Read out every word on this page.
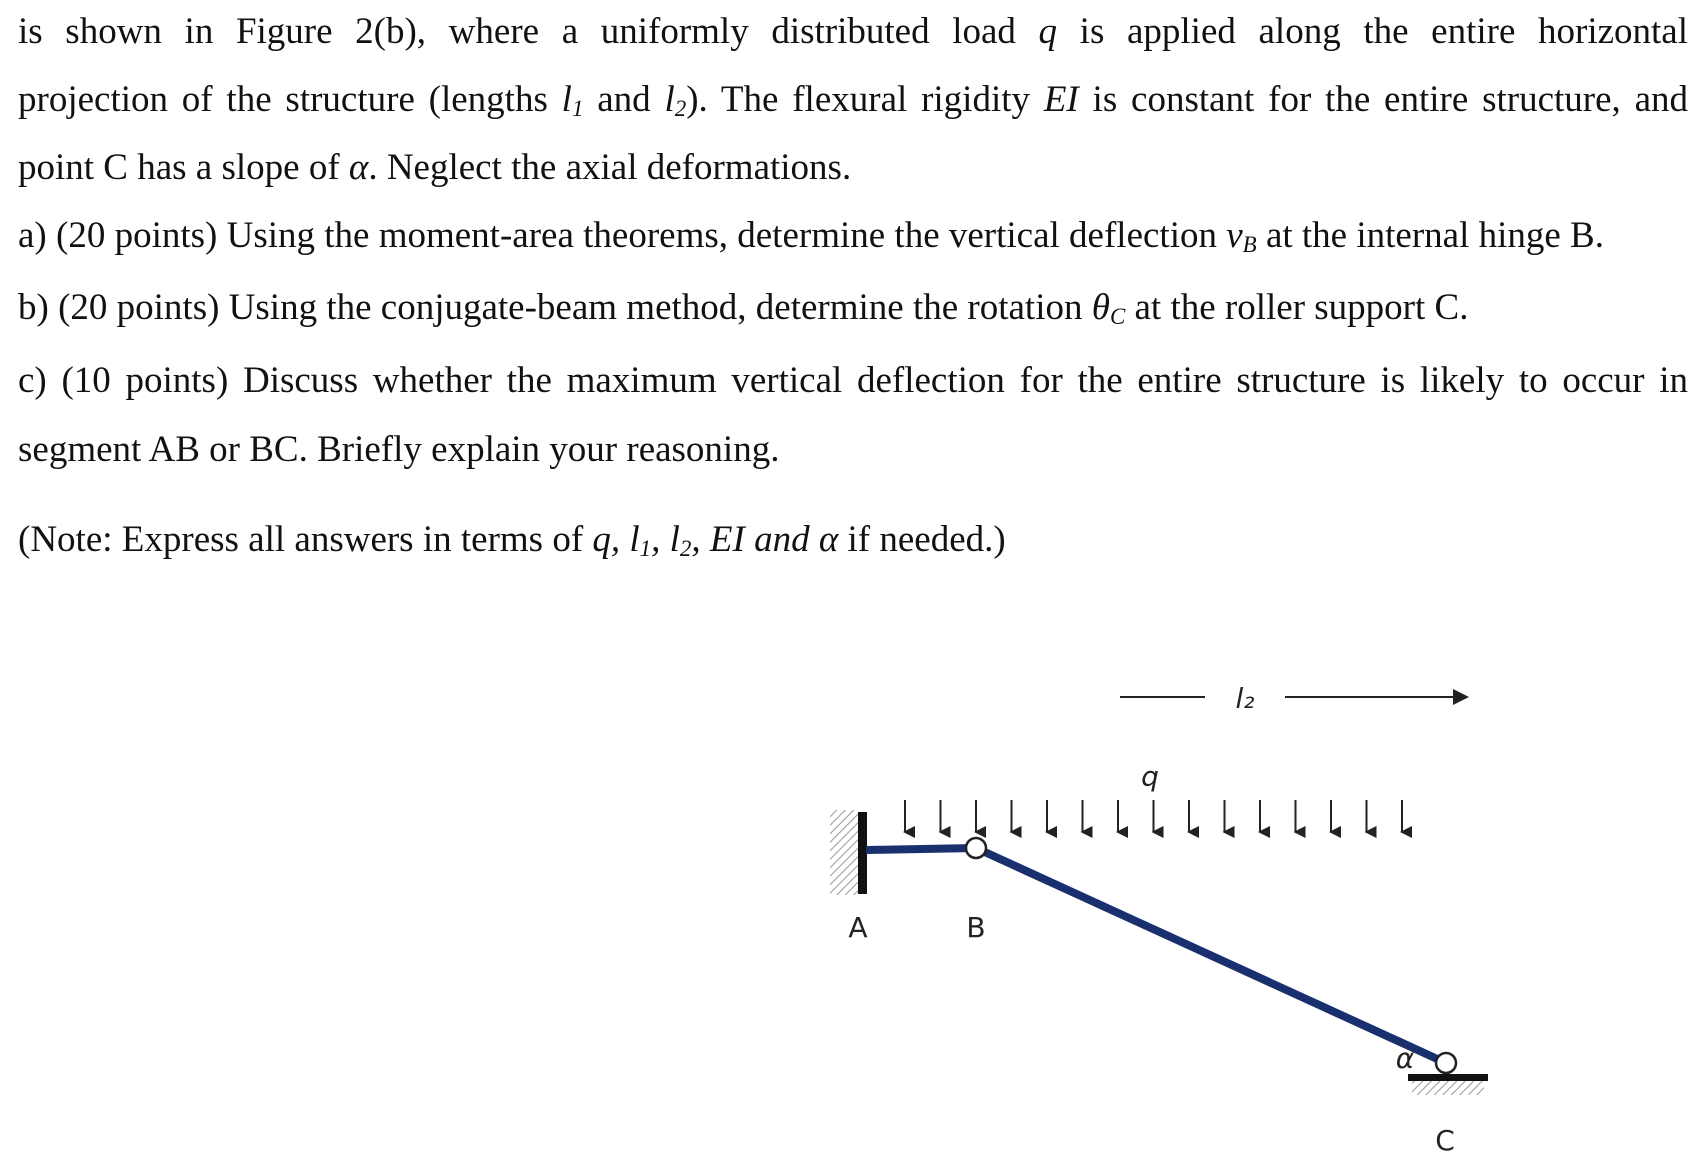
is shown in Figure 2(b), where a uniformly distributed load q is applied along the entire horizontal
projection of the structure (lengths $l_1$ and $l_2$). The flexural rigidity EI is constant for the entire structure, and
point C has a slope of α. Neglect the axial deformations.
a) (20 points) Using the moment-area theorems, determine the vertical deflection $v_B$ at the internal hinge B.
b) (20 points) Using the conjugate-beam method, determine the rotation $\theta_C$ at the roller support C.
c) (10 points) Discuss whether the maximum vertical deflection for the entire structure is likely to occur in
segment AB or BC. Briefly explain your reasoning.
(Note: Express all answers in terms of q, $l_1$, $l_2$, EI and α if needed.)
l₂
q
A	B
C
α
